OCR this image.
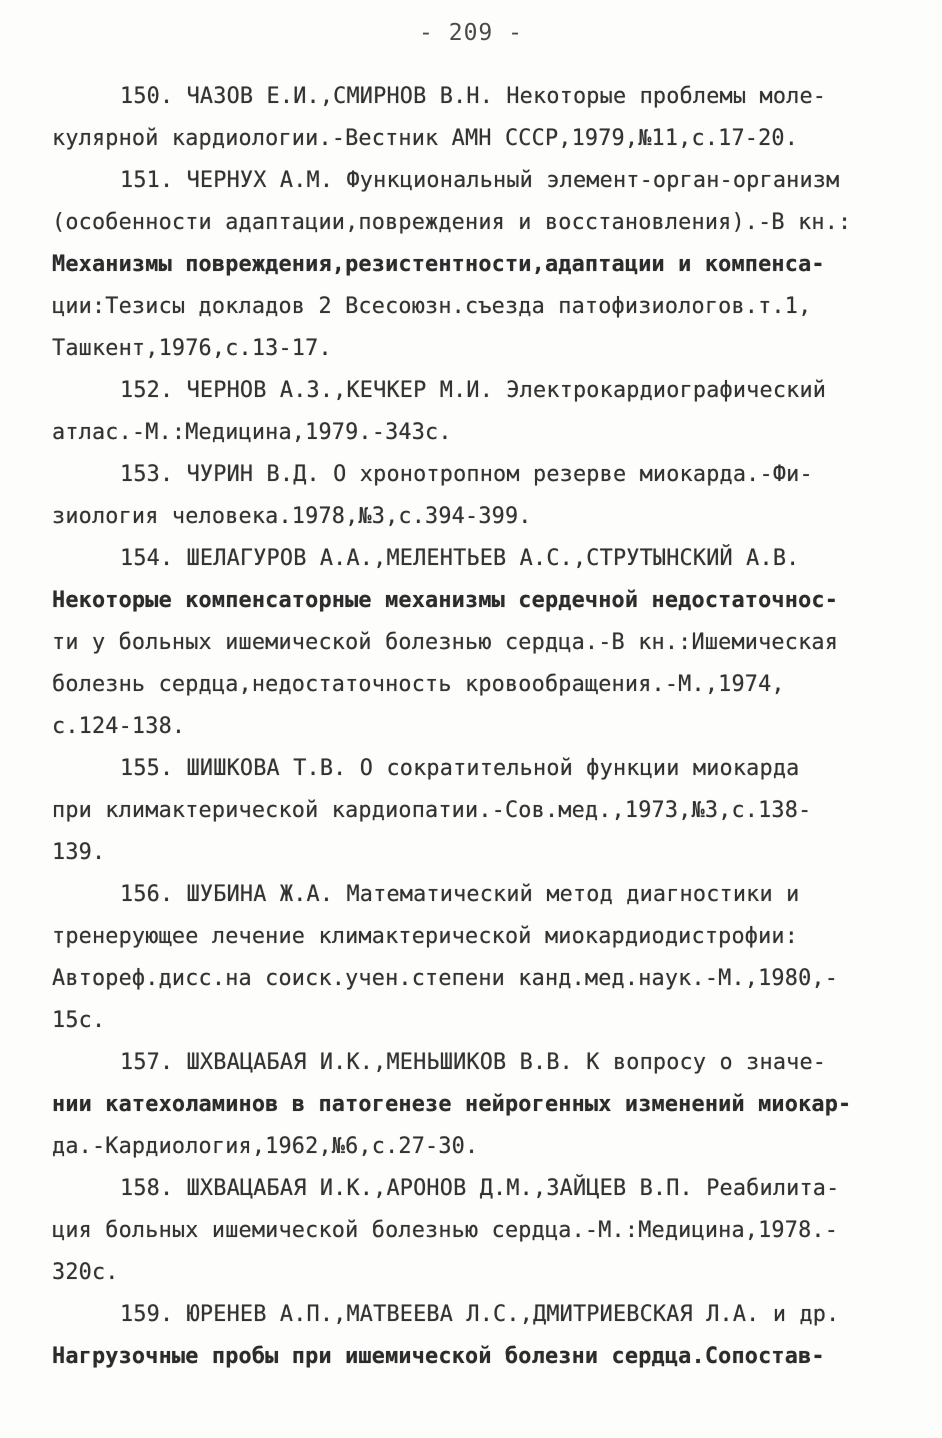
- 209 -
150. ЧАЗОВ Е.И.,СМИРНОВ В.Н. Некоторые проблемы моле-
кулярной кардиологии.-Вестник АМН СССР,1979,№11,с.17-20.
151. ЧЕРНУХ А.М. Функциональный элемент-орган-организм
(особенности адаптации,повреждения и восстановления).-В кн.:
Механизмы повреждения,резистентности,адаптации и компенса-
ции:Тезисы докладов 2 Всесоюзн.съезда патофизиологов.т.1,
Ташкент,1976,с.13-17.
152. ЧЕРНОВ А.З.,КЕЧКЕР М.И. Электрокардиографический
атлас.-М.:Медицина,1979.-343с.
153. ЧУРИН В.Д. О хронотропном резерве миокарда.-Фи-
зиология человека.1978,№3,с.394-399.
154. ШЕЛАГУРОВ А.А.,МЕЛЕНТЬЕВ А.С.,СТРУТЫНСКИЙ А.В.
Некоторые компенсаторные механизмы сердечной недостаточнос-
ти у больных ишемической болезнью сердца.-В кн.:Ишемическая
болезнь сердца,недостаточность кровообращения.-М.,1974,
с.124-138.
155. ШИШКОВА Т.В. О сократительной функции миокарда
при климактерической кардиопатии.-Сов.мед.,1973,№3,с.138-
139.
156. ШУБИНА Ж.А. Математический метод диагностики и
тренерующее лечение климактерической миокардиодистрофии:
Автореф.дисс.на соиск.учен.степени канд.мед.наук.-М.,1980,-
15с.
157. ШХВАЦАБАЯ И.К.,МЕНЬШИКОВ В.В. К вопросу о значе-
нии катехоламинов в патогенезе нейрогенных изменений миокар-
да.-Кардиология,1962,№6,с.27-30.
158. ШХВАЦАБАЯ И.К.,АРОНОВ Д.М.,ЗАЙЦЕВ В.П. Реабилита-
ция больных ишемической болезнью сердца.-М.:Медицина,1978.-
320с.
159. ЮРЕНЕВ А.П.,МАТВЕЕВА Л.С.,ДМИТРИЕВСКАЯ Л.А. и др.
Нагрузочные пробы при ишемической болезни сердца.Сопостав-
